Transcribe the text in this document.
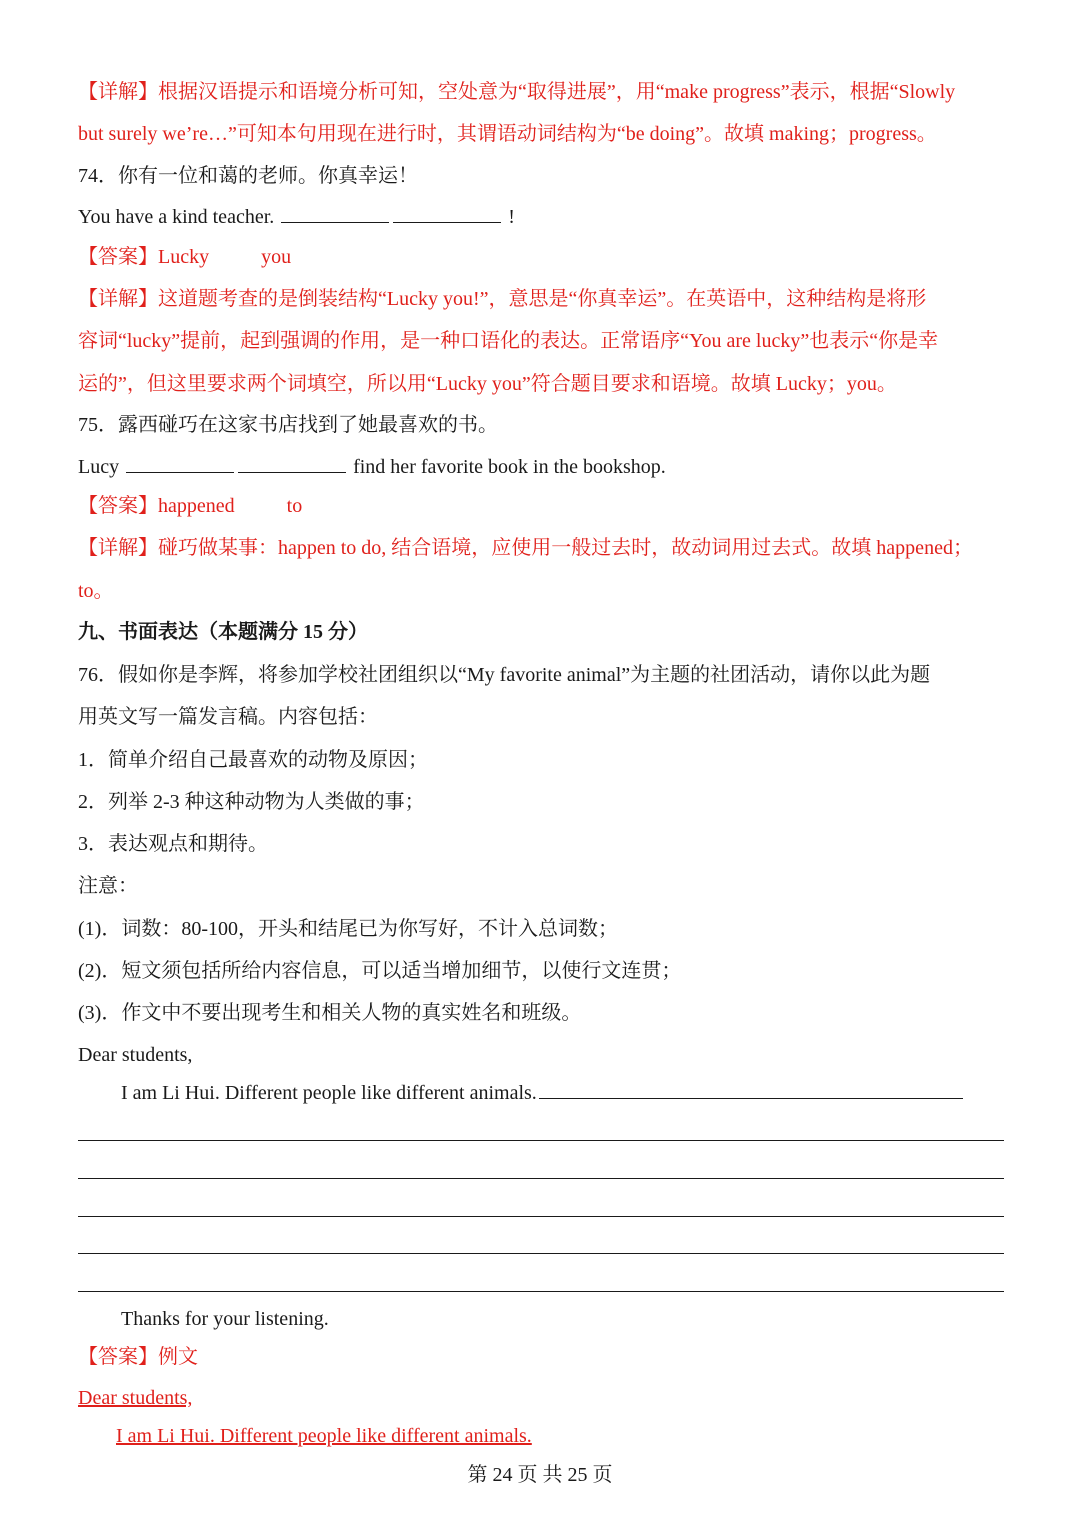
【详解】根据汉语提示和语境分析可知，空处意为“取得进展”，用“make progress”表示，根据“Slowly
but surely we’re…”可知本句用现在进行时，其谓语动词结构为“be doing”。故填 making；progress。
74．你有一位和蔼的老师。你真幸运！
You have a kind teacher.	!
【答案】Lucky	you
【详解】这道题考查的是倒装结构“Lucky you!”，意思是“你真幸运”。在英语中，这种结构是将形
容词“lucky”提前，起到强调的作用，是一种口语化的表达。正常语序“You are lucky”也表示“你是幸
运的”，但这里要求两个词填空，所以用“Lucky you”符合题目要求和语境。故填 Lucky；you。
75．露西碰巧在这家书店找到了她最喜欢的书。
Lucy	find her favorite book in the bookshop.
【答案】happened	to
【详解】碰巧做某事：happen to do, 结合语境，应使用一般过去时，故动词用过去式。故填 happened；
to。
九、书面表达（本题满分 15 分）
76．假如你是李辉，将参加学校社团组织以“My favorite animal”为主题的社团活动，请你以此为题
用英文写一篇发言稿。内容包括：
1．简单介绍自己最喜欢的动物及原因；
2．列举 2-3 种这种动物为人类做的事；
3．表达观点和期待。
注意：
(1)．词数：80-100，开头和结尾已为你写好，不计入总词数；
(2)．短文须包括所给内容信息，可以适当增加细节，以使行文连贯；
(3)．作文中不要出现考生和相关人物的真实姓名和班级。
Dear students,
I am Li Hui. Different people like different animals.
Thanks for your listening.
【答案】例文
Dear students,
I am Li Hui. Different people like different animals.
第 24 页 共 25 页
